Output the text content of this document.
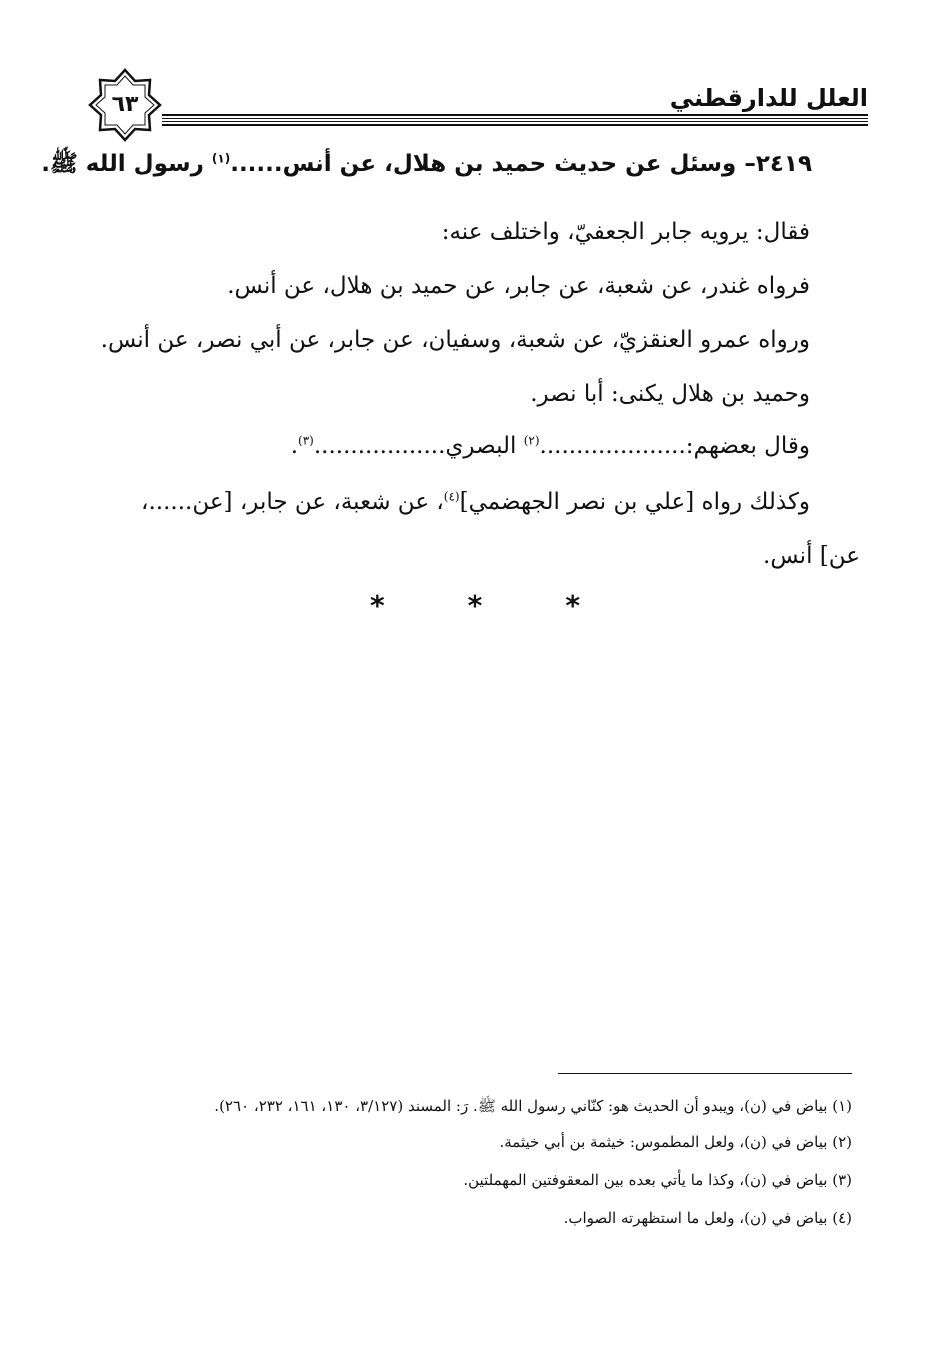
العلل للدارقطني
٦٣
٢٤١٩– وسئل عن حديث حميد بن هلال، عن أنس......$^{(١)}$ رسول الله ﷺ.
فقال: يرويه جابر الجعفيّ، واختلف عنه:
فرواه غندر، عن شعبة، عن جابر، عن حميد بن هلال، عن أنس.
ورواه عمرو العنقزيّ، عن شعبة، وسفيان، عن جابر، عن أبي نصر، عن أنس.
وحميد بن هلال يكنى: أبا نصر.
وقال بعضهم:....................$^{(٢)}$ البصري..................$^{(٣)}$.
وكذلك رواه [علي بن نصر الجهضمي]$^{(٤)}$، عن شعبة، عن جابر، [عن......،
عن] أنس.
*
*
*
(١) بياض في (ن)، ويبدو أن الحديث هو: كنّاني رسول الله ﷺ. رَ: المسند (٣/١٢٧، ١٣٠، ١٦١، ٢٣٢، ٢٦٠).
(٢) بياض في (ن)، ولعل المطموس: خيثمة بن أبي خيثمة.
(٣) بياض في (ن)، وكذا ما يأتي بعده بين المعقوفتين المهملتين.
(٤) بياض في (ن)، ولعل ما استظهرته الصواب.
